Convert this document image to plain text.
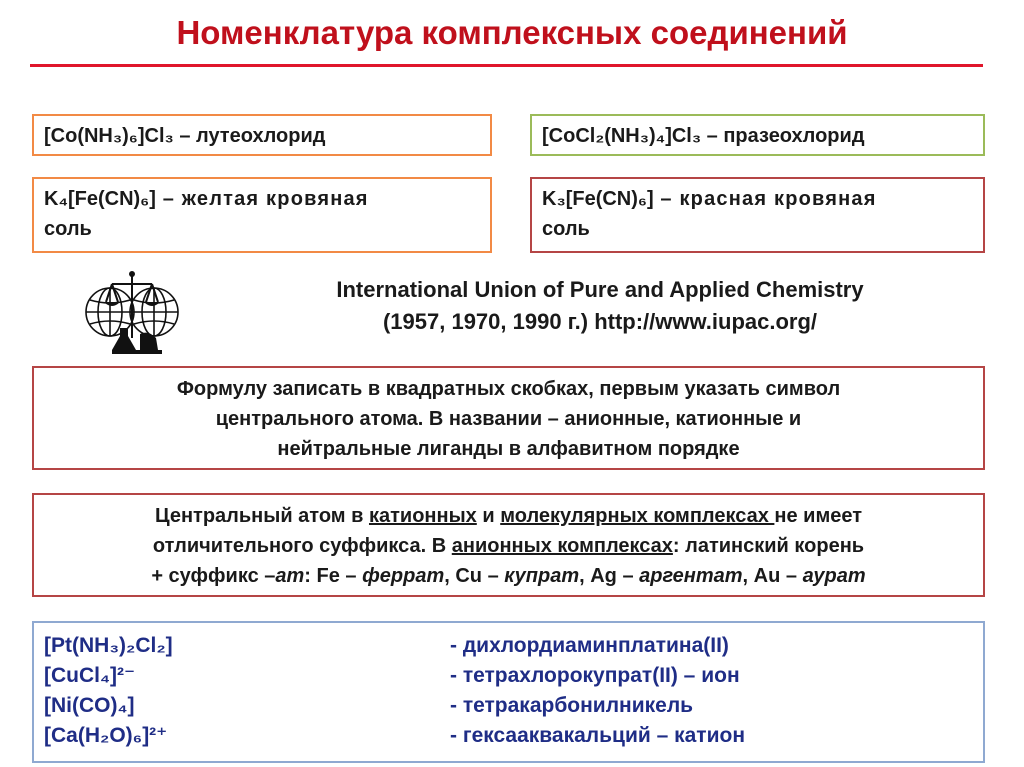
Номенклатура комплексных соединений
[Co(NH₃)₆]Cl₃ – лутеохлорид	[CoCl₂(NH₃)₄]Cl₃ – празеохлорид
K₄[Fe(CN)₆] – желтая кровяная
соль
K₃[Fe(CN)₆] – красная кровяная
соль
International Union of Pure and Applied Chemistry
(1957, 1970, 1990 г.) http://www.iupac.org/
Формулу записать в квадратных скобках, первым указать символ
центрального атома. В названии – анионные, катионные и
нейтральные лиганды в алфавитном порядке
Центральный атом в катионных и молекулярных комплексах не имеет
отличительного суффикса. В анионных комплексах: латинский корень
+ суффикс –ат: Fe – феррат, Cu – купрат, Ag – аргентат, Au – аурат
[Pt(NH₃)₂Cl₂]	- дихлордиаминплатина(II)
[CuCl₄]²⁻	- тетрахлорокупрат(II) – ион
[Ni(CO)₄]	- тетракарбонилникель
[Ca(H₂O)₆]²⁺	- гексааквакальций – катион
